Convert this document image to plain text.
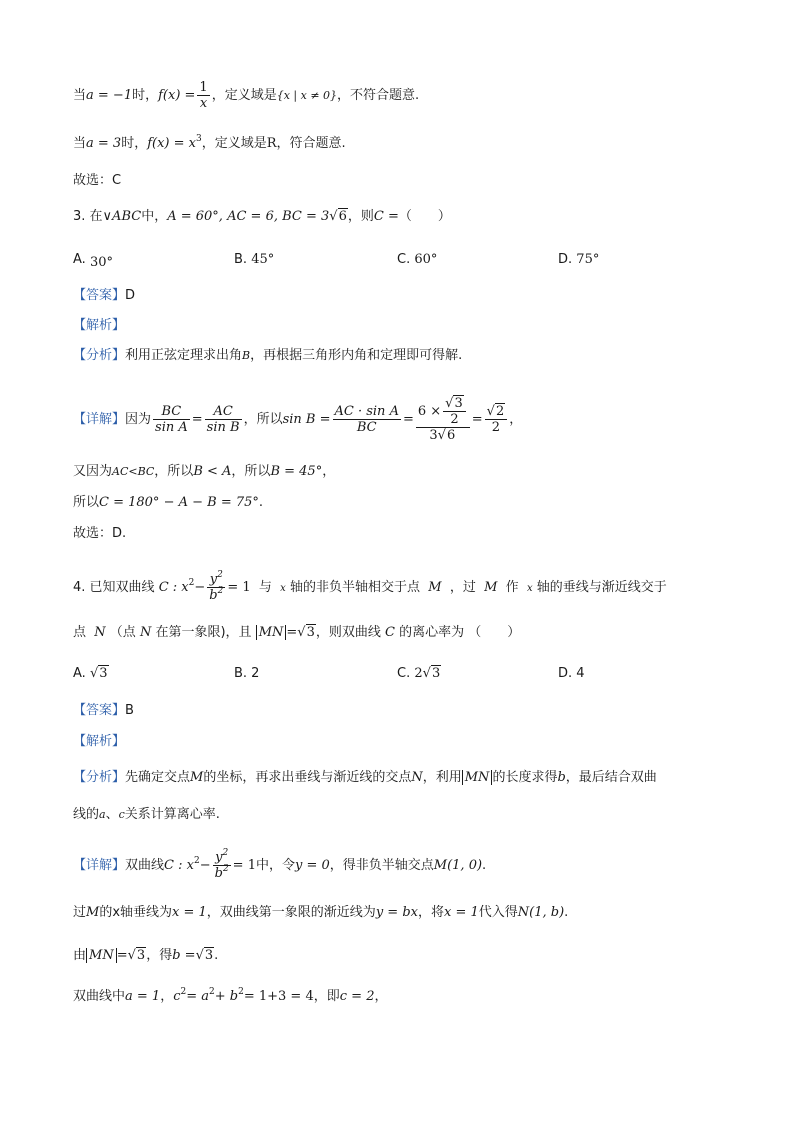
当a = −1时，$f(x) = \frac{1}{x}$ ，定义域是{x | x ≠ 0}，不符合题意.
当a = 3时，$f(x) = x^3$，定义域是R，符合题意.
故选：C
3. 在∨ABC中，A = 60°, AC = 6, BC = 3√6，则C =（　　）
A. 30°	B. 45°	C. 60°	D. 75°
【答案】D
【解析】
【分析】利用正弦定理求出角B，再根据三角形内角和定理即可得解.
【详解】因为 $\frac{BC}{\text{sin A}} = \frac{AC}{\text{sin B}}$ ，所以$\sin B = \frac{\text{AC · sin A}}{BC} = \frac{6 \times \frac{√3}{2}}{3√6} = \frac{√2}{2}$ ，
又因为AC<BC，所以B < A，所以B = 45°，
所以C = 180° − A − B = 75°.
故选：D.
4. 已知双曲线 C : $x^2- \frac{y^2}{b^2} = 1$ 与 x 轴的非负半轴相交于点 M ，过 M 作 x 轴的垂线与渐近线交于
点 N （点 N 在第一象限)，且 MN =√3，则双曲线 C 的离心率为 （　　）
A. √3	B. 2	C. 2√3	D. 4
【答案】B
【解析】
【分析】先确定交点M的坐标，再求出垂线与渐近线的交点N，利用 MN 的长度求得b，最后结合双曲
线的a、c关系计算离心率.
【详解】双曲线C : $x^2- \frac{y^2}{b^2} = 1$中，令y = 0，得非负半轴交点M(1, 0).
过M的x轴垂线为x = 1，双曲线第一象限的渐近线为y = bx，将x = 1代入得N(1, b).
由 MN =√3，得b =√3.
双曲线中a = 1，$c^2= a^2+ b^2= 1+3 = 4$，即c = 2，
